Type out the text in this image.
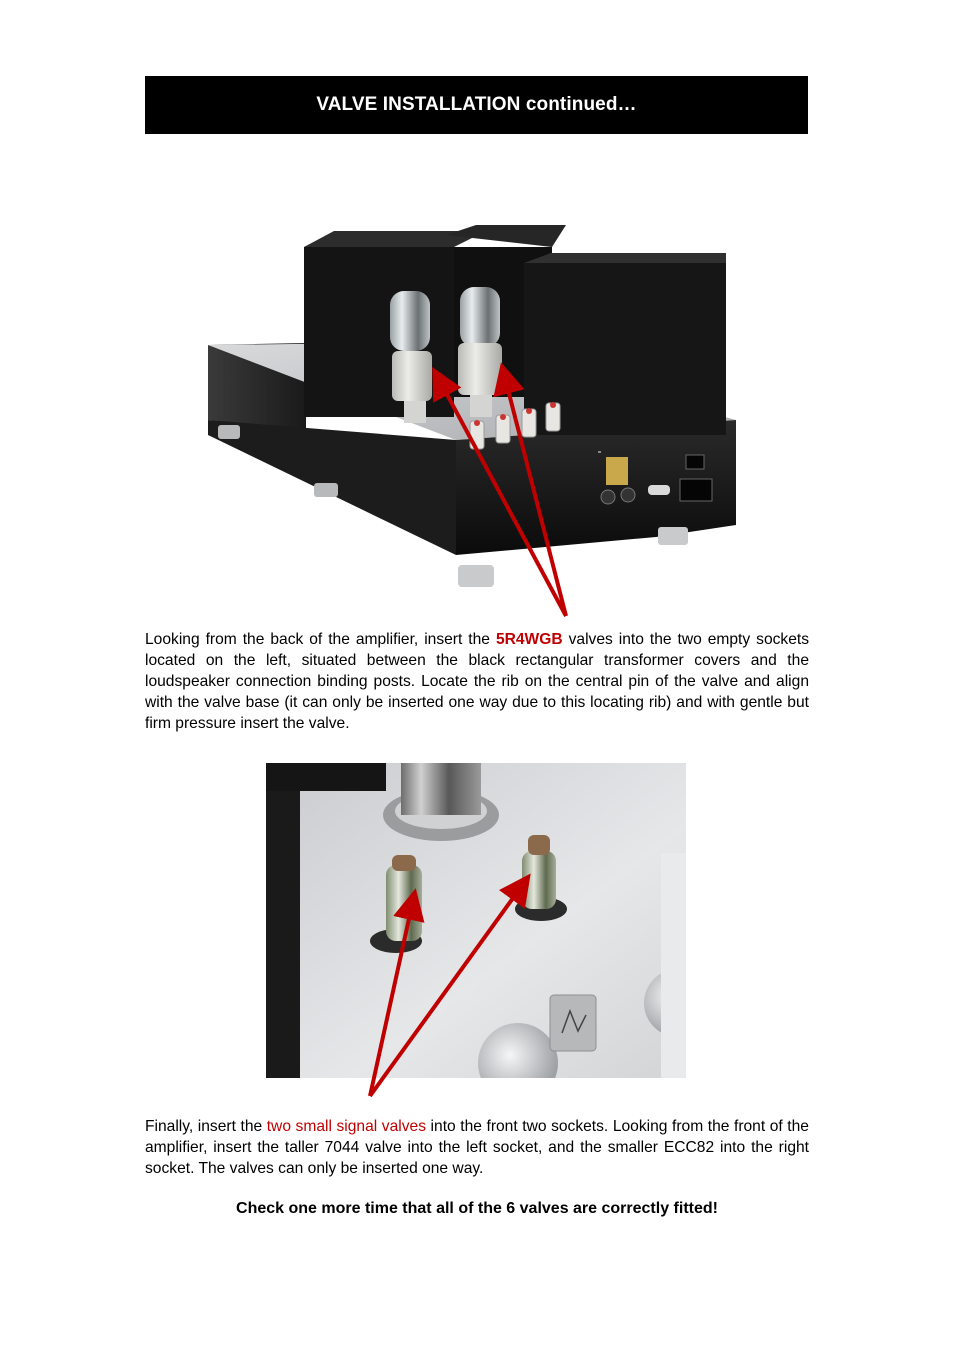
VALVE INSTALLATION continued…

Looking from the back of the amplifier, insert the 5R4WGB valves into the two empty sockets located on the left, situated between the black rectangular transformer covers and the loudspeaker connection binding posts. Locate the rib on the central pin of the valve and align with the valve base (it can only be inserted one way due to this locating rib) and with gentle but firm pressure insert the valve.

Finally, insert the two small signal valves into the front two sockets. Looking from the front of the amplifier, insert the taller 7044 valve into the left socket, and the smaller ECC82 into the right socket. The valves can only be inserted one way.

Check one more time that all of the 6 valves are correctly fitted!
